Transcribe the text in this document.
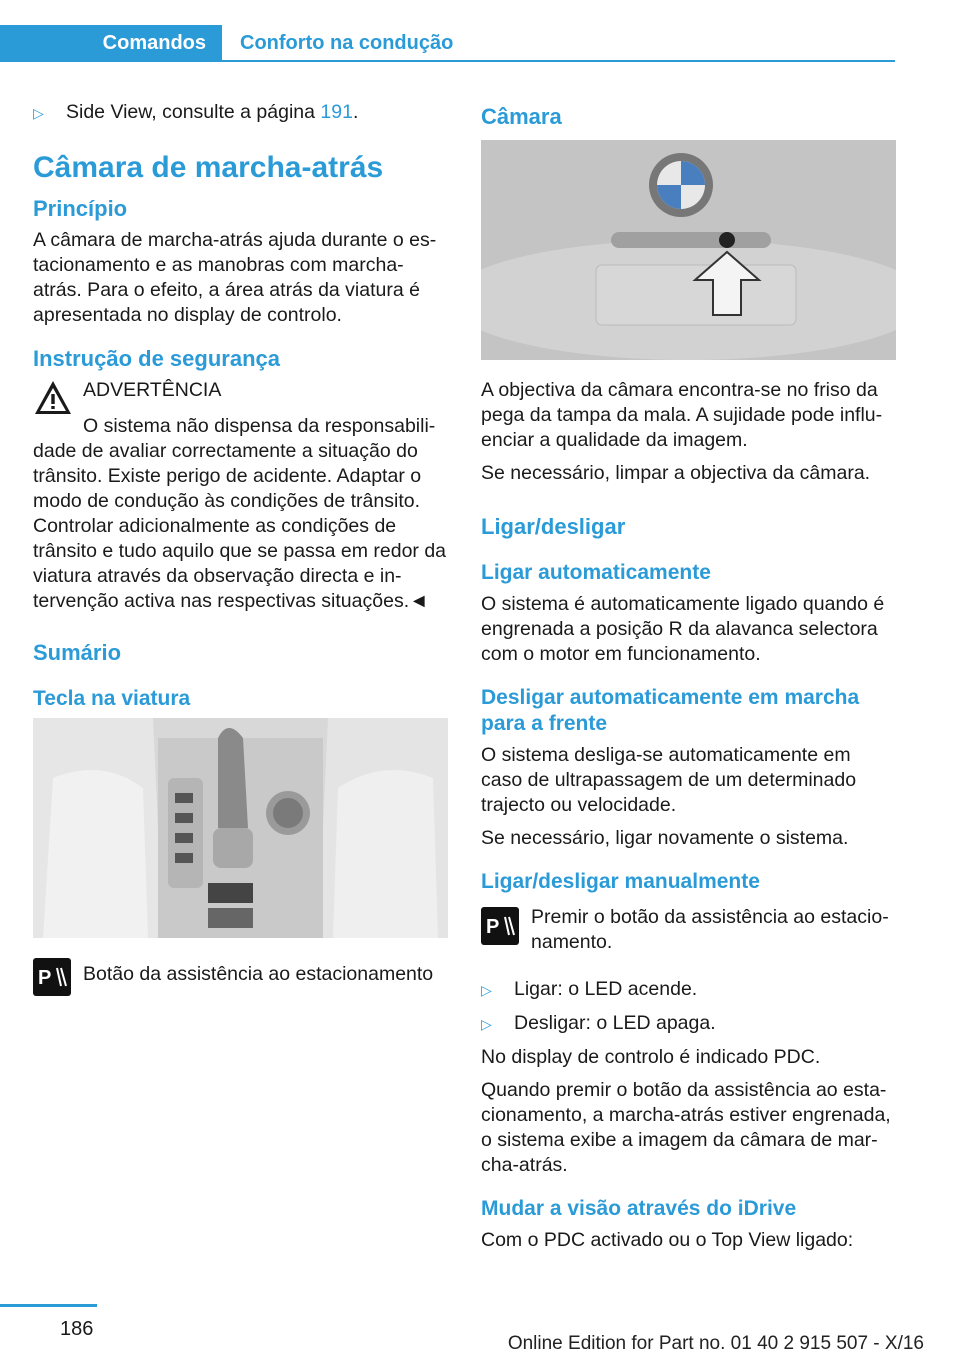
Comandos	Conforto na condução
▷	Side View, consulte a página 191.
Câmara de marcha-atrás
Princípio

A câmara de marcha-atrás ajuda durante o estacionamento e as manobras com marcha-atrás. Para o efeito, a área atrás da viatura é apresentada no display de controlo.

Instrução de segurança

ADVERTÊNCIA

O sistema não dispensa da responsabilidade de avaliar correctamente a situação do trânsito. Existe perigo de acidente. Adaptar o modo de condução às condições de trânsito. Controlar adicionalmente as condições de trânsito e tudo aquilo que se passa em redor da viatura através da observação directa e intervenção activa nas respectivas situações.◄

Sumário
Tecla na viatura
P Botão da assistência ao estacionamento

Câmara

A objectiva da câmara encontra-se no friso da pega da tampa da mala. A sujidade pode influenciar a qualidade da imagem.

Se necessário, limpar a objectiva da câmara.

Ligar/desligar
Ligar automaticamente

O sistema é automaticamente ligado quando é engrenada a posição R da alavanca selectora com o motor em funcionamento.

Desligar automaticamente em marcha para a frente

O sistema desliga-se automaticamente em caso de ultrapassagem de um determinado trajecto ou velocidade.

Se necessário, ligar novamente o sistema.

Ligar/desligar manualmente
P Premir o botão da assistência ao estacionamento.

▷	Ligar: o LED acende.
▷	Desligar: o LED apaga.

No display de controlo é indicado PDC.

Quando premir o botão da assistência ao estacionamento, a marcha-atrás estiver engrenada, o sistema exibe a imagem da câmara de marcha-atrás.

Mudar a visão através do iDrive

Com o PDC activado ou o Top View ligado:

186
Online Edition for Part no. 01 40 2 915 507 - X/16
